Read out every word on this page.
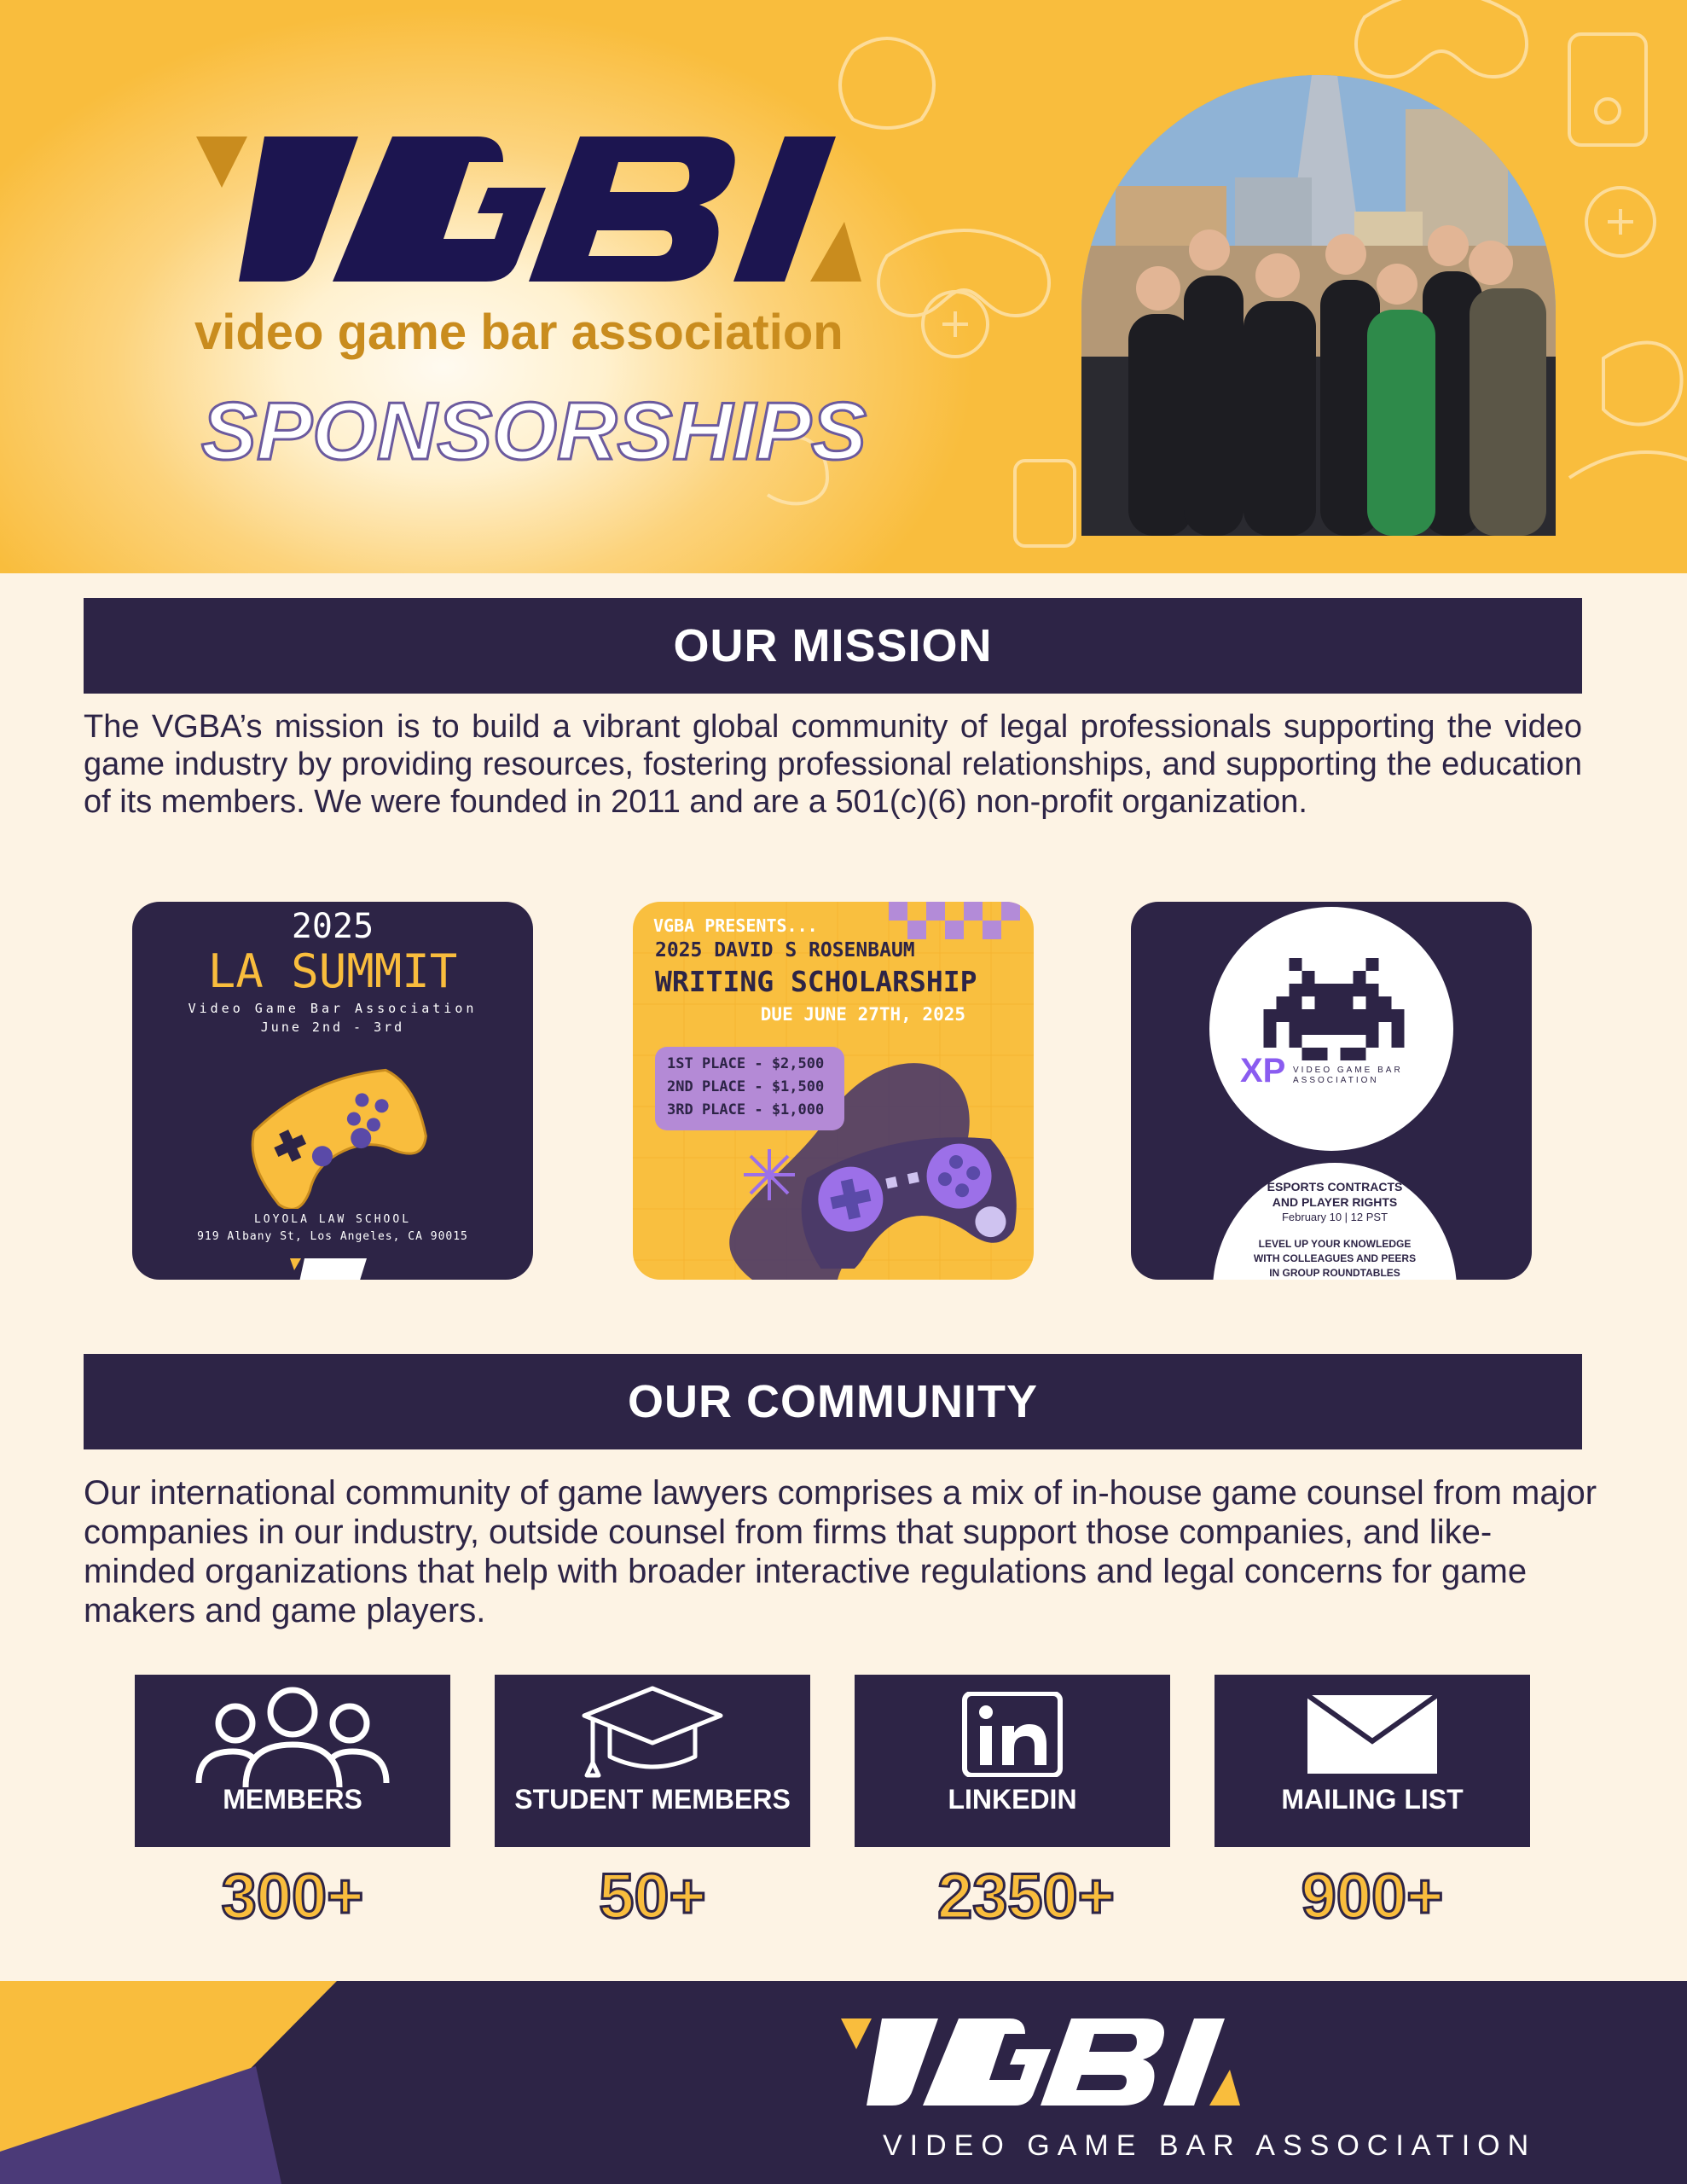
video game bar association
SPONSORSHIPS
OUR MISSION
The VGBA’s mission is to build a vibrant global community of legal professionals supporting the video game industry by providing resources, fostering professional relationships, and supporting the education of its members. We were founded in 2011 and are a 501(c)(6) non-profit organization.
2025
LA SUMMIT
Video Game Bar Association
June 2nd - 3rd
LOYOLA LAW SCHOOL
919 Albany St, Los Angeles, CA 90015
VGBA PRESENTS...
2025 DAVID S ROSENBAUM
WRITING SCHOLARSHIP
DUE JUNE 27TH, 2025
1ST PLACE - $2,500
2ND PLACE - $1,500
3RD PLACE - $1,000
XP VIDEO GAME BAR
ASSOCIATION
ESPORTS CONTRACTS
AND PLAYER RIGHTS
February 10 | 12 PST
LEVEL UP YOUR KNOWLEDGE
WITH COLLEAGUES AND PEERS
IN GROUP ROUNDTABLES
OUR COMMUNITY
Our international community of game lawyers comprises a mix of in-house game counsel from major companies in our industry, outside counsel from firms that support those companies, and like-minded organizations that help with broader interactive regulations and legal concerns for game makers and game players.
MEMBERS	STUDENT MEMBERS	LINKEDIN	MAILING LIST
300+	50+	2350+	900+
VIDEO GAME BAR ASSOCIATION
